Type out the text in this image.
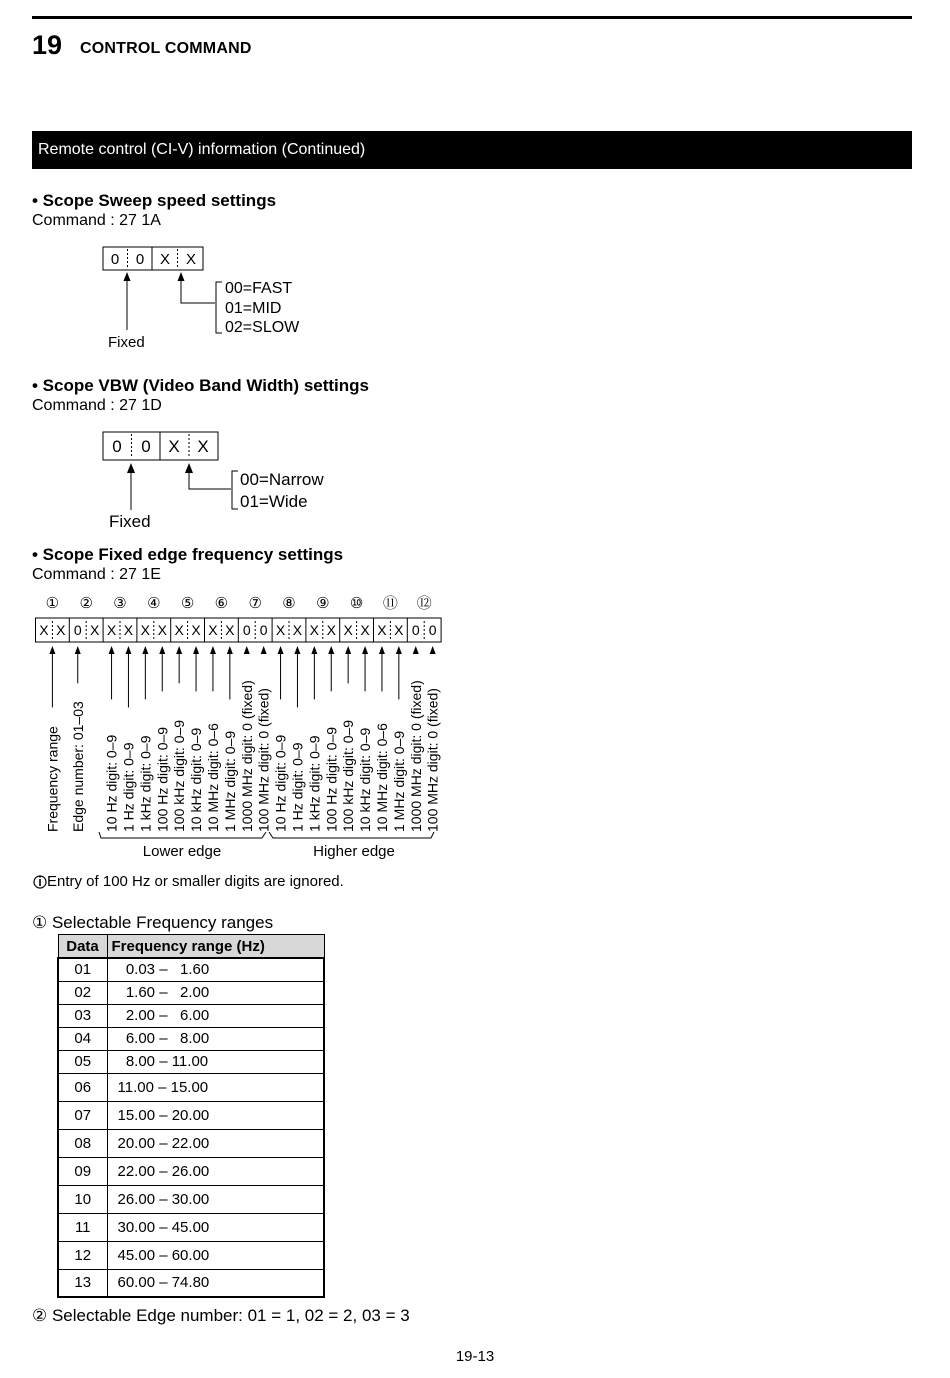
19 CONTROL COMMAND
Remote control (CI-V) information (Continued)
• Scope Sweep speed settings
Command : 27 1A
0 0 X X
Fixed
00=FAST
01=MID
02=SLOW
0 0 X X
Fixed
00=Narrow
01=Wide
① ② ③ ④ ⑤ ⑥ ⑦ ⑧ ⑨ ⑩ ⑪ ⑫
X X 0 X X X X X X X X X 0 0 X X X X X X X X 0 0
Frequency range Edge number: 01–03 10 Hz digit: 0–9 1 Hz digit: 0–9 1 kHz digit: 0–9 100 Hz digit: 0–9 100 kHz digit: 0–9 10 kHz digit: 0–9 10 MHz digit: 0–6 1 MHz digit: 0–9 1000 MHz digit: 0 (fixed) 100 MHz digit: 0 (fixed) 10 Hz digit: 0–9 1 Hz digit: 0–9 1 kHz digit: 0–9 100 Hz digit: 0–9 100 kHz digit: 0–9 10 kHz digit: 0–9 10 MHz digit: 0–6 1 MHz digit: 0–9 1000 MHz digit: 0 (fixed) 100 MHz digit: 0 (fixed)
Lower edge	Higher edge
• Scope VBW (Video Band Width) settings
Command : 27 1D
• Scope Fixed edge frequency settings
Command : 27 1E
Entry of 100 Hz or smaller digits are ignored.
① Selectable Frequency ranges
Data	Frequency range (Hz)
01	0.03 –   1.60
02	1.60 –   2.00
03	2.00 –   6.00
04	6.00 –   8.00
05	8.00 – 11.00
06	11.00 – 15.00
07	15.00 – 20.00
08	20.00 – 22.00
09	22.00 – 26.00
10	26.00 – 30.00
11	30.00 – 45.00
12	45.00 – 60.00
13	60.00 – 74.80
② Selectable Edge number: 01 = 1, 02 = 2, 03 = 3
19-13
